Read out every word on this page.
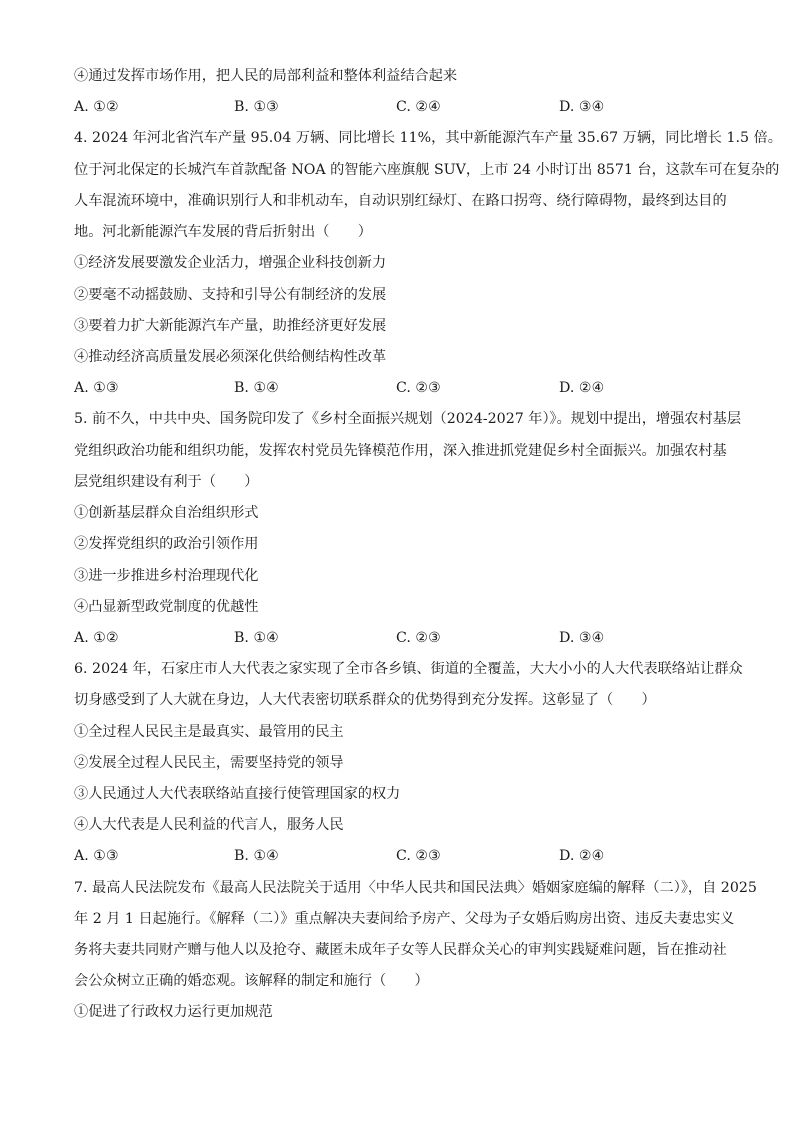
④通过发挥市场作用，把人民的局部利益和整体利益结合起来
A. ①②	B. ①③	C. ②④	D. ③④
4. 2024 年河北省汽车产量 95.04 万辆、同比增长 11%，其中新能源汽车产量 35.67 万辆，同比增长 1.5 倍。
位于河北保定的长城汽车首款配备 NOA 的智能六座旗舰 SUV，上市 24 小时订出 8571 台，这款车可在复杂的
人车混流环境中，准确识别行人和非机动车，自动识别红绿灯、在路口拐弯、绕行障碍物，最终到达目的
地。河北新能源汽车发展的背后折射出（　　）
①经济发展要激发企业活力，增强企业科技创新力
②要毫不动摇鼓励、支持和引导公有制经济的发展
③要着力扩大新能源汽车产量，助推经济更好发展
④推动经济高质量发展必须深化供给侧结构性改革
A. ①③	B. ①④	C. ②③	D. ②④
5. 前不久，中共中央、国务院印发了《乡村全面振兴规划（2024-2027 年）》。规划中提出，增强农村基层
党组织政治功能和组织功能，发挥农村党员先锋模范作用，深入推进抓党建促乡村全面振兴。加强农村基
层党组织建设有利于（　　）
①创新基层群众自治组织形式
②发挥党组织的政治引领作用
③进一步推进乡村治理现代化
④凸显新型政党制度的优越性
A. ①②	B. ①④	C. ②③	D. ③④
6. 2024 年，石家庄市人大代表之家实现了全市各乡镇、街道的全覆盖，大大小小的人大代表联络站让群众
切身感受到了人大就在身边，人大代表密切联系群众的优势得到充分发挥。这彰显了（　　）
①全过程人民民主是最真实、最管用的民主
②发展全过程人民民主，需要坚持党的领导
③人民通过人大代表联络站直接行使管理国家的权力
④人大代表是人民利益的代言人，服务人民
A. ①③	B. ①④	C. ②③	D. ②④
7. 最高人民法院发布《最高人民法院关于适用〈中华人民共和国民法典〉婚姻家庭编的解释（二）》，自 2025
年 2 月 1 日起施行。《解释（二）》重点解决夫妻间给予房产、父母为子女婚后购房出资、违反夫妻忠实义
务将夫妻共同财产赠与他人以及抢夺、藏匿未成年子女等人民群众关心的审判实践疑难问题，旨在推动社
会公众树立正确的婚恋观。该解释的制定和施行（　　）
①促进了行政权力运行更加规范
